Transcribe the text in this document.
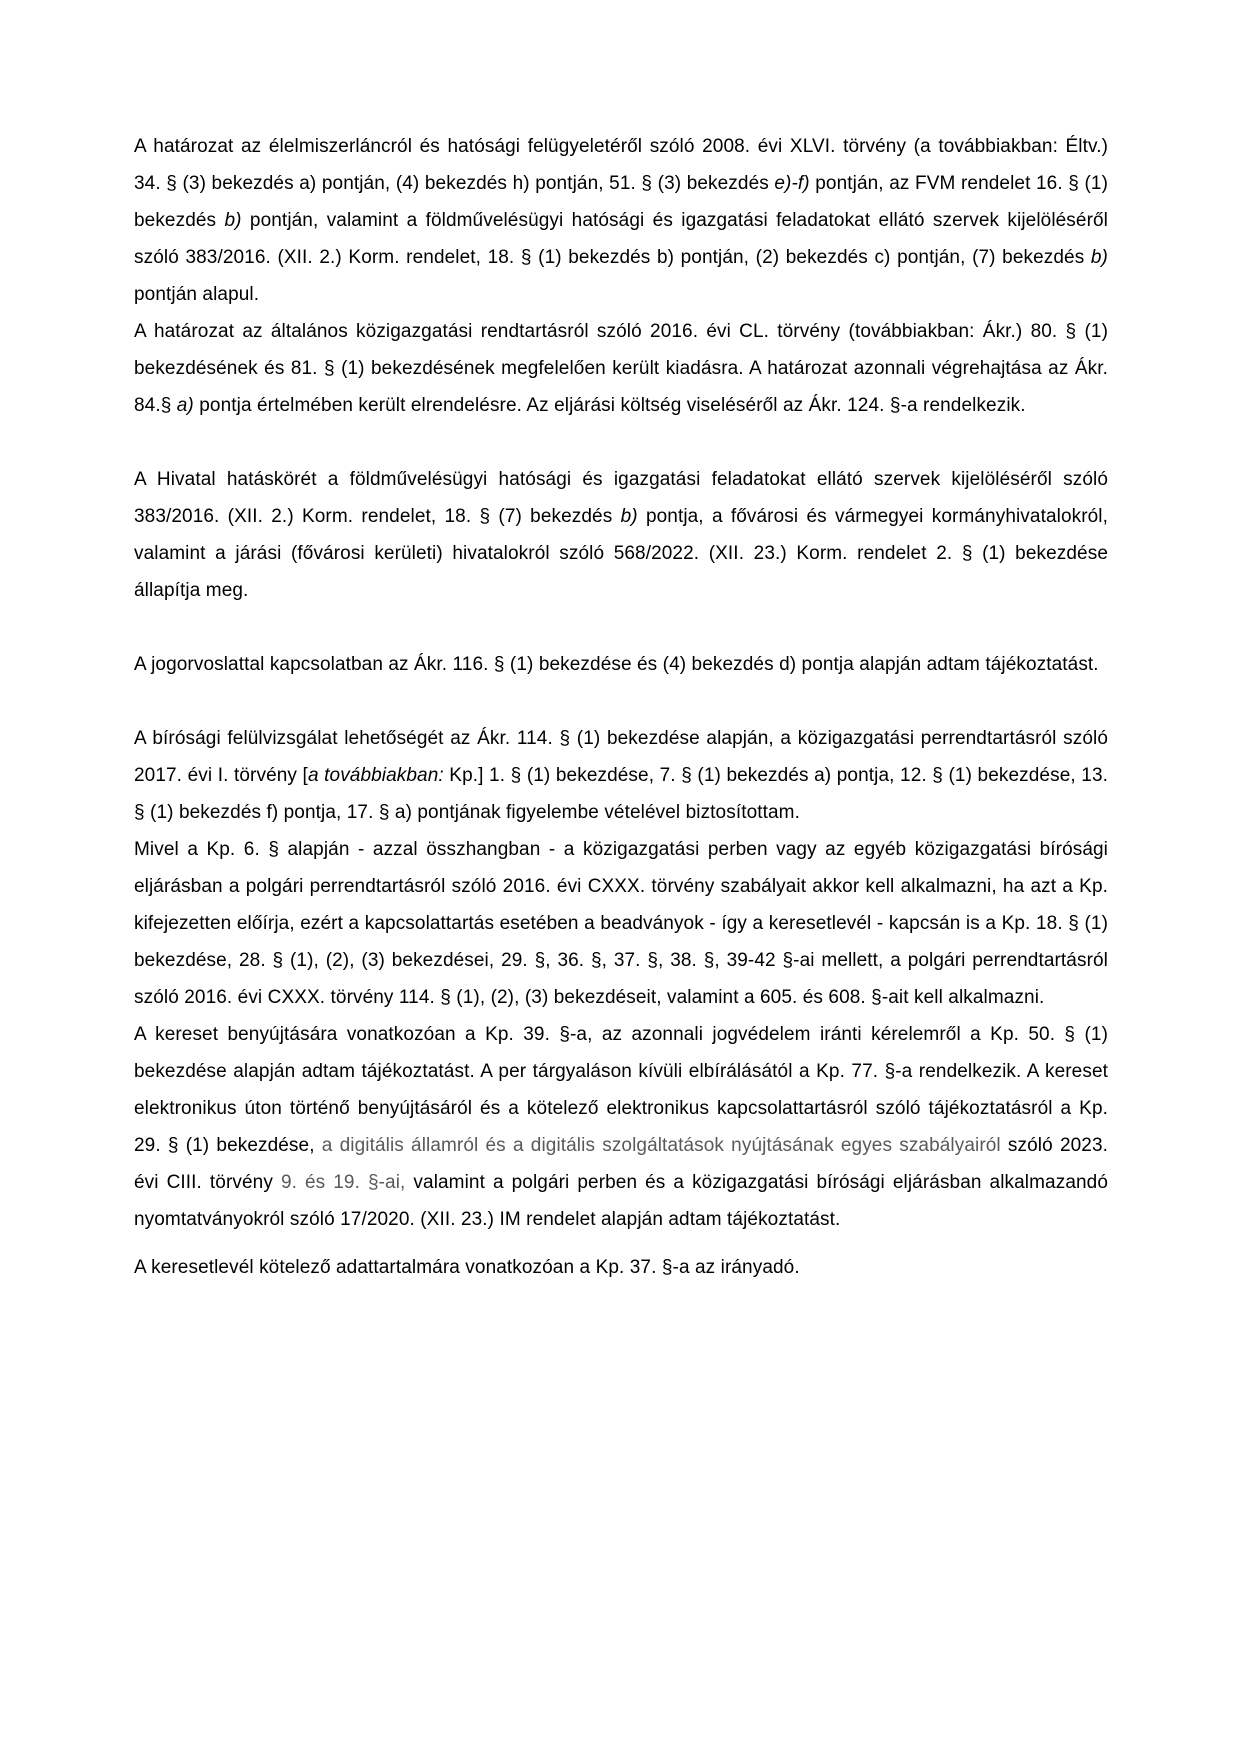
A határozat az élelmiszerláncról és hatósági felügyeletéről szóló 2008. évi XLVI. törvény (a továbbiakban: Éltv.) 34. § (3) bekezdés a) pontján, (4) bekezdés h) pontján, 51. § (3) bekezdés e)-f) pontján, az FVM rendelet 16. § (1) bekezdés b) pontján, valamint a földművelésügyi hatósági és igazgatási feladatokat ellátó szervek kijelöléséről szóló 383/2016. (XII. 2.) Korm. rendelet, 18. § (1) bekezdés b) pontján, (2) bekezdés c) pontján, (7) bekezdés b) pontján alapul.

A határozat az általános közigazgatási rendtartásról szóló 2016. évi CL. törvény (továbbiakban: Ákr.) 80. § (1) bekezdésének és 81. § (1) bekezdésének megfelelően került kiadásra. A határozat azonnali végrehajtása az Ákr. 84.§ a) pontja értelmében került elrendelésre. Az eljárási költség viseléséről az Ákr. 124. §-a rendelkezik.

A Hivatal hatáskörét a földművelésügyi hatósági és igazgatási feladatokat ellátó szervek kijelöléséről szóló 383/2016. (XII. 2.) Korm. rendelet, 18. § (7) bekezdés b) pontja, a fővárosi és vármegyei kormányhivatalokról, valamint a járási (fővárosi kerületi) hivatalokról szóló 568/2022. (XII. 23.) Korm. rendelet 2. § (1) bekezdése állapítja meg.

A jogorvoslattal kapcsolatban az Ákr. 116. § (1) bekezdése és (4) bekezdés d) pontja alapján adtam tájékoztatást.

A bírósági felülvizsgálat lehetőségét az Ákr. 114. § (1) bekezdése alapján, a közigazgatási perrendtartásról szóló 2017. évi I. törvény [a továbbiakban: Kp.] 1. § (1) bekezdése, 7. § (1) bekezdés a) pontja, 12. § (1) bekezdése, 13. § (1) bekezdés f) pontja, 17. § a) pontjának figyelembe vételével biztosítottam.

Mivel a Kp. 6. § alapján - azzal összhangban - a közigazgatási perben vagy az egyéb közigazgatási bírósági eljárásban a polgári perrendtartásról szóló 2016. évi CXXX. törvény szabályait akkor kell alkalmazni, ha azt a Kp. kifejezetten előírja, ezért a kapcsolattartás esetében a beadványok - így a keresetlevél - kapcsán is a Kp. 18. § (1) bekezdése, 28. § (1), (2), (3) bekezdései, 29. §, 36. §, 37. §, 38. §, 39-42 §-ai mellett, a polgári perrendtartásról szóló 2016. évi CXXX. törvény 114. § (1), (2), (3) bekezdéseit, valamint a 605. és 608. §-ait kell alkalmazni.

A kereset benyújtására vonatkozóan a Kp. 39. §-a, az azonnali jogvédelem iránti kérelemről a Kp. 50. § (1) bekezdése alapján adtam tájékoztatást. A per tárgyaláson kívüli elbírálásától a Kp. 77. §-a rendelkezik. A kereset elektronikus úton történő benyújtásáról és a kötelező elektronikus kapcsolattartásról szóló tájékoztatásról a Kp. 29. § (1) bekezdése, a digitális államról és a digitális szolgáltatások nyújtásának egyes szabályairól szóló 2023. évi CIII. törvény 9. és 19. §-ai, valamint a polgári perben és a közigazgatási bírósági eljárásban alkalmazandó nyomtatványokról szóló 17/2020. (XII. 23.) IM rendelet alapján adtam tájékoztatást.

A keresetlevél kötelező adattartalmára vonatkozóan a Kp. 37. §-a az irányadó.
